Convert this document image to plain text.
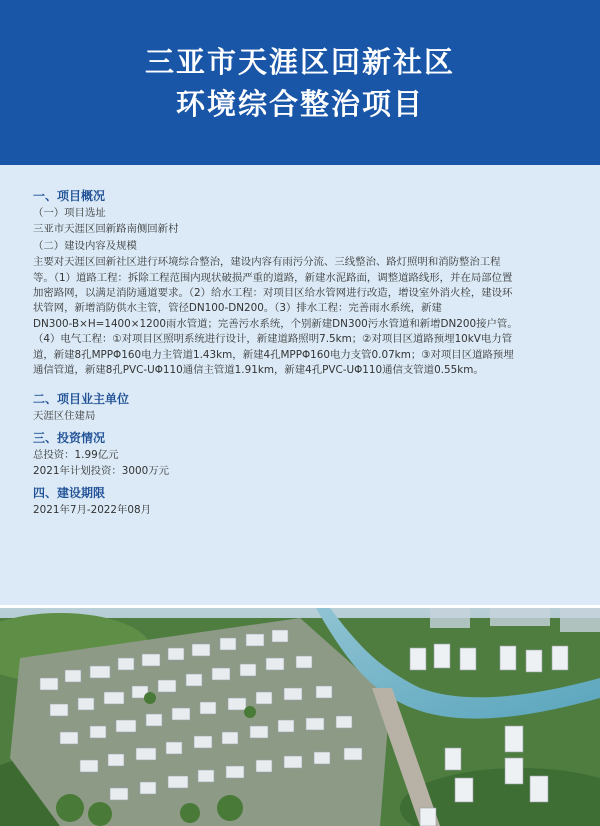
三亚市天涯区回新社区
环境综合整治项目
一、项目概况
（一）项目选址
三亚市天涯区回新路南侧回新村
（二）建设内容及规模
主要对天涯区回新社区进行环境综合整治，建设内容有雨污分流、三线整治、路灯照明和消防整治工程
等。（1）道路工程：拆除工程范围内现状破损严重的道路，新建水泥路面，调整道路线形，并在局部位置
加密路网，以满足消防通道要求。（2）给水工程：对项目区给水管网进行改造，增设室外消火栓，建设环
状管网，新增消防供水主管，管径DN100-DN200。（3）排水工程：完善雨水系统，新建
DN300-B×H=1400×1200雨水管道；完善污水系统，个别新建DN300污水管道和新增DN200接户管。
（4）电气工程：①对项目区照明系统进行设计，新建道路照明7.5km；②对项目区道路预埋10kV电力管
道，新建8孔MPPΦ160电力主管道1.43km，新建4孔MPPΦ160电力支管0.07km；③对项目区道路预埋
通信管道，新建8孔PVC-UΦ110通信主管道1.91km，新建4孔PVC-UΦ110通信支管道0.55km。
二、项目业主单位
天涯区住建局
三、投资情况
总投资：1.99亿元
2021年计划投资：3000万元
四、建设期限
2021年7月-2022年08月
